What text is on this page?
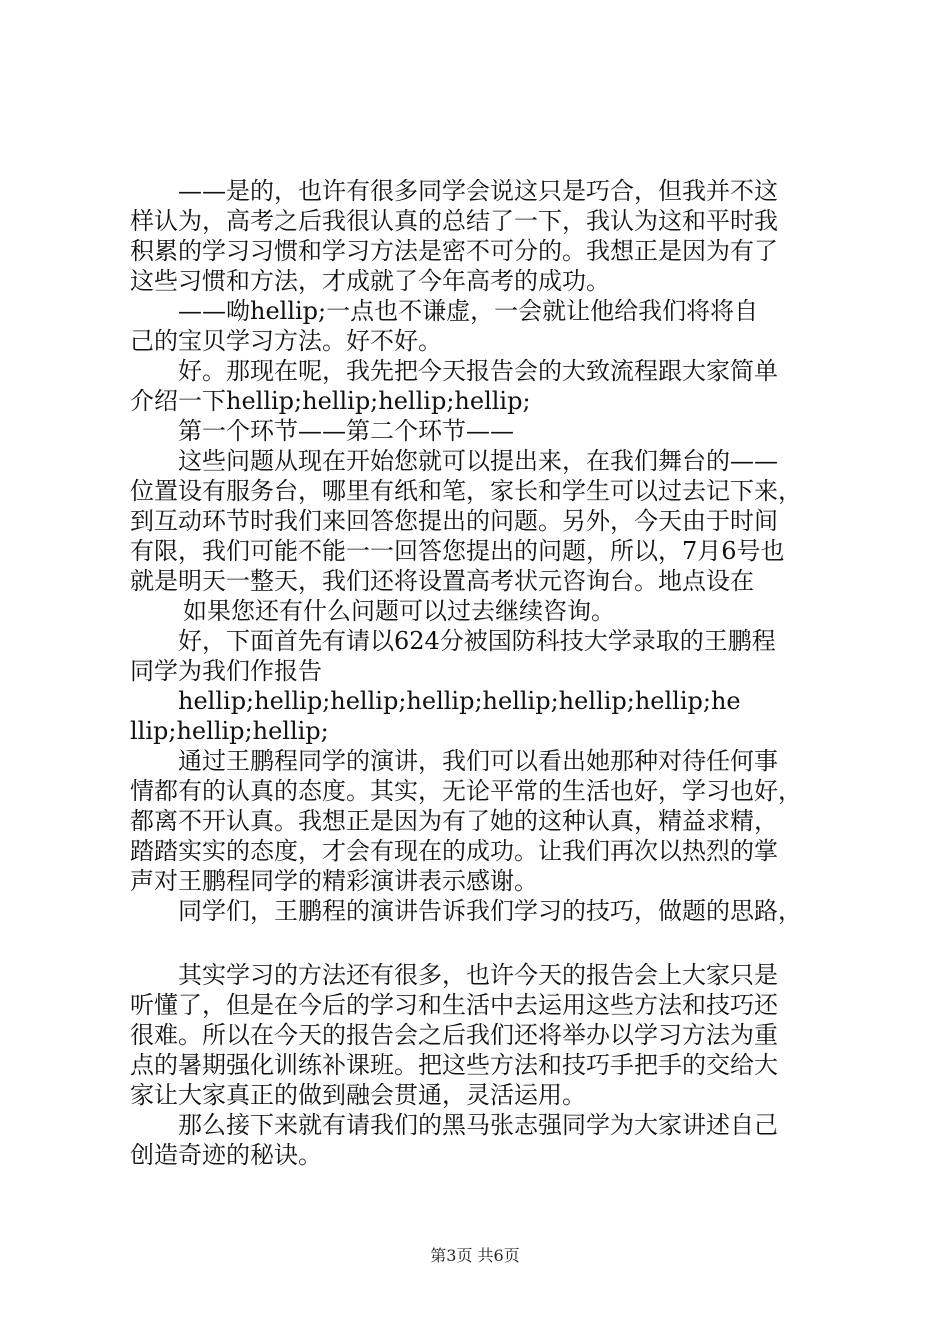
——是的，也许有很多同学会说这只是巧合，但我并不这
样认为，高考之后我很认真的总结了一下，我认为这和平时我
积累的学习习惯和学习方法是密不可分的。我想正是因为有了
这些习惯和方法，才成就了今年高考的成功。
——呦hellip;一点也不谦虚，一会就让他给我们将将自
己的宝贝学习方法。好不好。
好。那现在呢，我先把今天报告会的大致流程跟大家简单
介绍一下hellip;hellip;hellip;hellip;
第一个环节——第二个环节——
这些问题从现在开始您就可以提出来，在我们舞台的——
位置设有服务台，哪里有纸和笔，家长和学生可以过去记下来，
到互动环节时我们来回答您提出的问题。另外，今天由于时间
有限，我们可能不能一一回答您提出的问题，所以，7月6号也
就是明天一整天，我们还将设置高考状元咨询台。地点设在
如果您还有什么问题可以过去继续咨询。
好，下面首先有请以624分被国防科技大学录取的王鹏程
同学为我们作报告
hellip;hellip;hellip;hellip;hellip;hellip;hellip;he
llip;hellip;hellip;
通过王鹏程同学的演讲，我们可以看出她那种对待任何事
情都有的认真的态度。其实，无论平常的生活也好，学习也好，
都离不开认真。我想正是因为有了她的这种认真，精益求精，
踏踏实实的态度，才会有现在的成功。让我们再次以热烈的掌
声对王鹏程同学的精彩演讲表示感谢。
同学们，王鹏程的演讲告诉我们学习的技巧，做题的思路，
其实学习的方法还有很多，也许今天的报告会上大家只是
听懂了，但是在今后的学习和生活中去运用这些方法和技巧还
很难。所以在今天的报告会之后我们还将举办以学习方法为重
点的暑期强化训练补课班。把这些方法和技巧手把手的交给大
家让大家真正的做到融会贯通，灵活运用。
那么接下来就有请我们的黑马张志强同学为大家讲述自己
创造奇迹的秘诀。
第3页 共6页
